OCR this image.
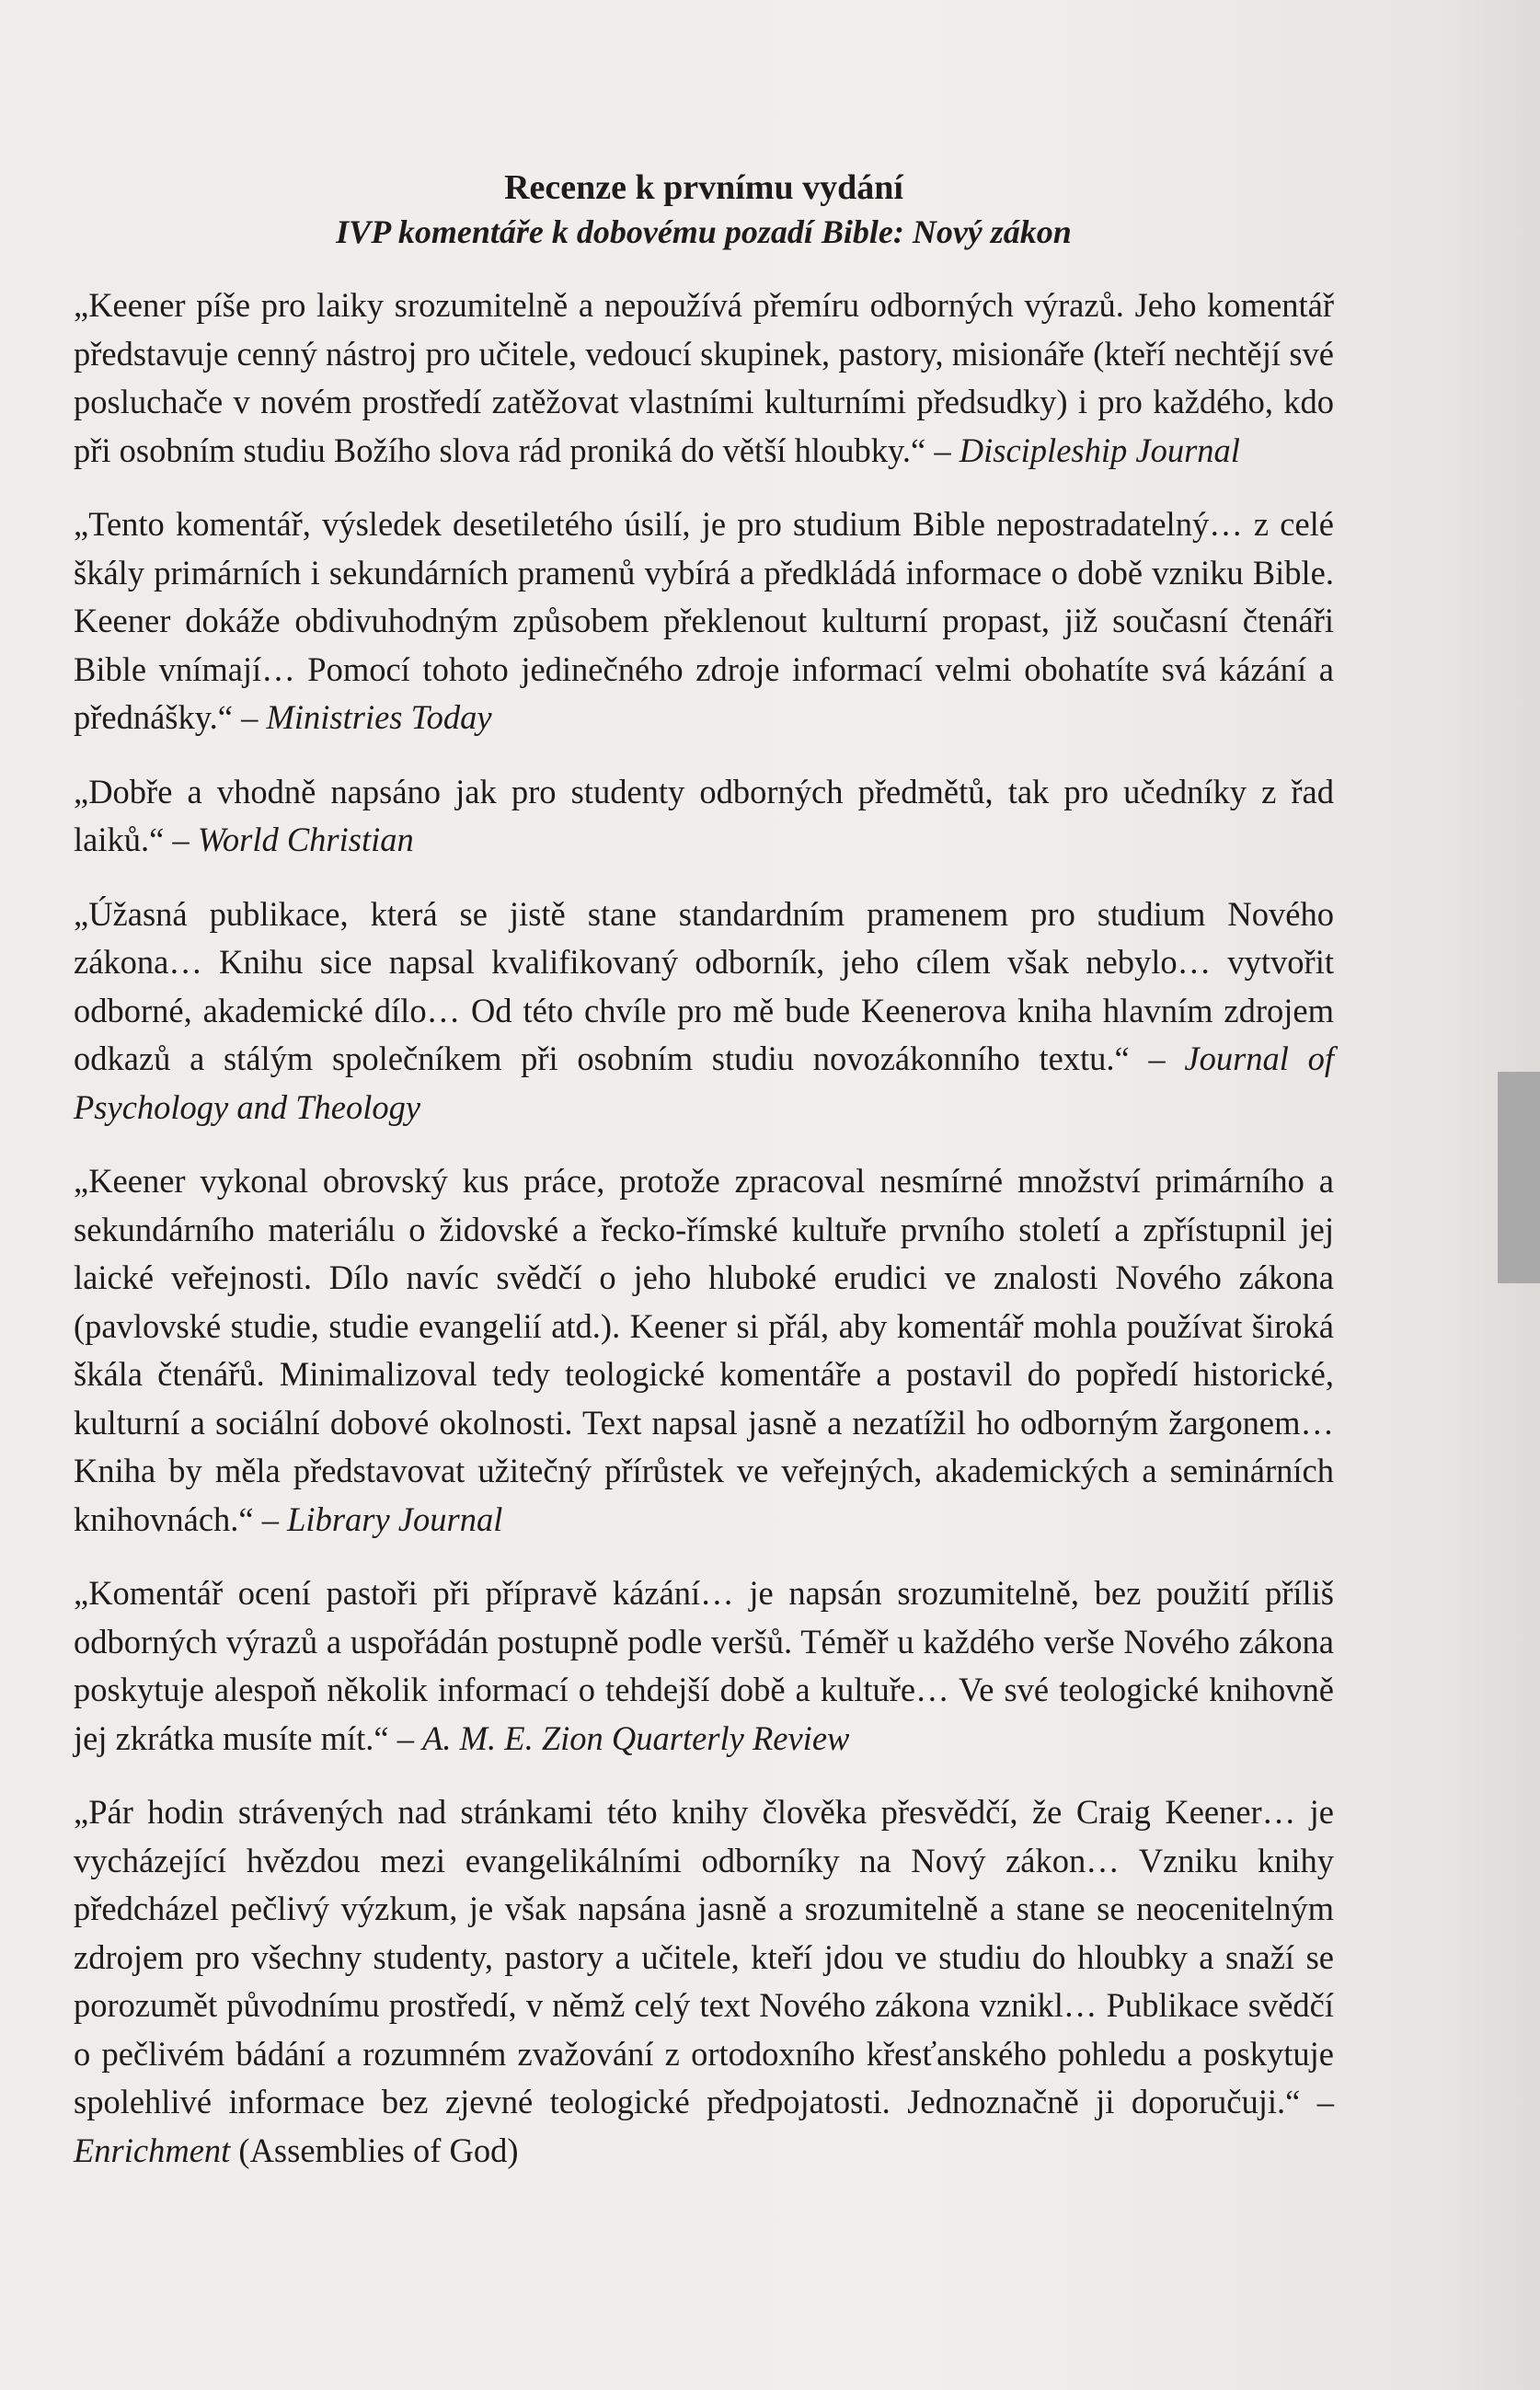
Recenze k prvnímu vydání

IVP komentáře k dobovému pozadí Bible: Nový zákon

„Keener píše pro laiky srozumitelně a nepoužívá přemíru odborných výrazů. Jeho komentář představuje cenný nástroj pro učitele, vedoucí skupinek, pastory, misionáře (kteří nechtějí své posluchače v novém prostředí zatěžovat vlastními kulturními předsudky) i pro každého, kdo při osobním studiu Božího slova rád proniká do větší hloubky.“ – Discipleship Journal

„Tento komentář, výsledek desetiletého úsilí, je pro studium Bible nepostradatelný… z celé škály primárních i sekundárních pramenů vybírá a předkládá informace o době vzniku Bible. Keener dokáže obdivuhodným způsobem překlenout kulturní propast, již současní čtenáři Bible vnímají… Pomocí tohoto jedinečného zdroje informací velmi obohatíte svá kázání a přednášky.“ – Ministries Today

„Dobře a vhodně napsáno jak pro studenty odborných předmětů, tak pro učedníky z řad laiků.“ – World Christian

„Úžasná publikace, která se jistě stane standardním pramenem pro studium Nového zákona… Knihu sice napsal kvalifikovaný odborník, jeho cílem však nebylo… vytvořit odborné, akademické dílo… Od této chvíle pro mě bude Keenerova kniha hlavním zdrojem odkazů a stálým společníkem při osobním studiu novozákonního textu.“ – Journal of Psychology and Theology

„Keener vykonal obrovský kus práce, protože zpracoval nesmírné množství primárního a sekundárního materiálu o židovské a řecko-římské kultuře prvního století a zpřístupnil jej laické veřejnosti. Dílo navíc svědčí o jeho hluboké erudici ve znalosti Nového zákona (pavlovské studie, studie evangelií atd.). Keener si přál, aby komentář mohla používat široká škála čtenářů. Minimalizoval tedy teologické komentáře a postavil do popředí historické, kulturní a sociální dobové okolnosti. Text napsal jasně a nezatížil ho odborným žargonem… Kniha by měla představovat užitečný přírůstek ve veřejných, akademických a seminárních knihovnách.“ – Library Journal

„Komentář ocení pastoři při přípravě kázání… je napsán srozumitelně, bez použití příliš odborných výrazů a uspořádán postupně podle veršů. Téměř u každého verše Nového zákona poskytuje alespoň několik informací o tehdejší době a kultuře… Ve své teologické knihovně jej zkrátka musíte mít.“ – A. M. E. Zion Quarterly Review

„Pár hodin strávených nad stránkami této knihy člověka přesvědčí, že Craig Keener… je vycházející hvězdou mezi evangelikálními odborníky na Nový zákon… Vzniku knihy předcházel pečlivý výzkum, je však napsána jasně a srozumitelně a stane se neocenitelným zdrojem pro všechny studenty, pastory a učitele, kteří jdou ve studiu do hloubky a snaží se porozumět původnímu prostředí, v němž celý text Nového zákona vznikl… Publikace svědčí o pečlivém bádání a rozumném zvažování z ortodoxního křesťanského pohledu a poskytuje spolehlivé informace bez zjevné teologické předpojatosti. Jednoznačně ji doporučuji.“ – Enrichment (Assemblies of God)
